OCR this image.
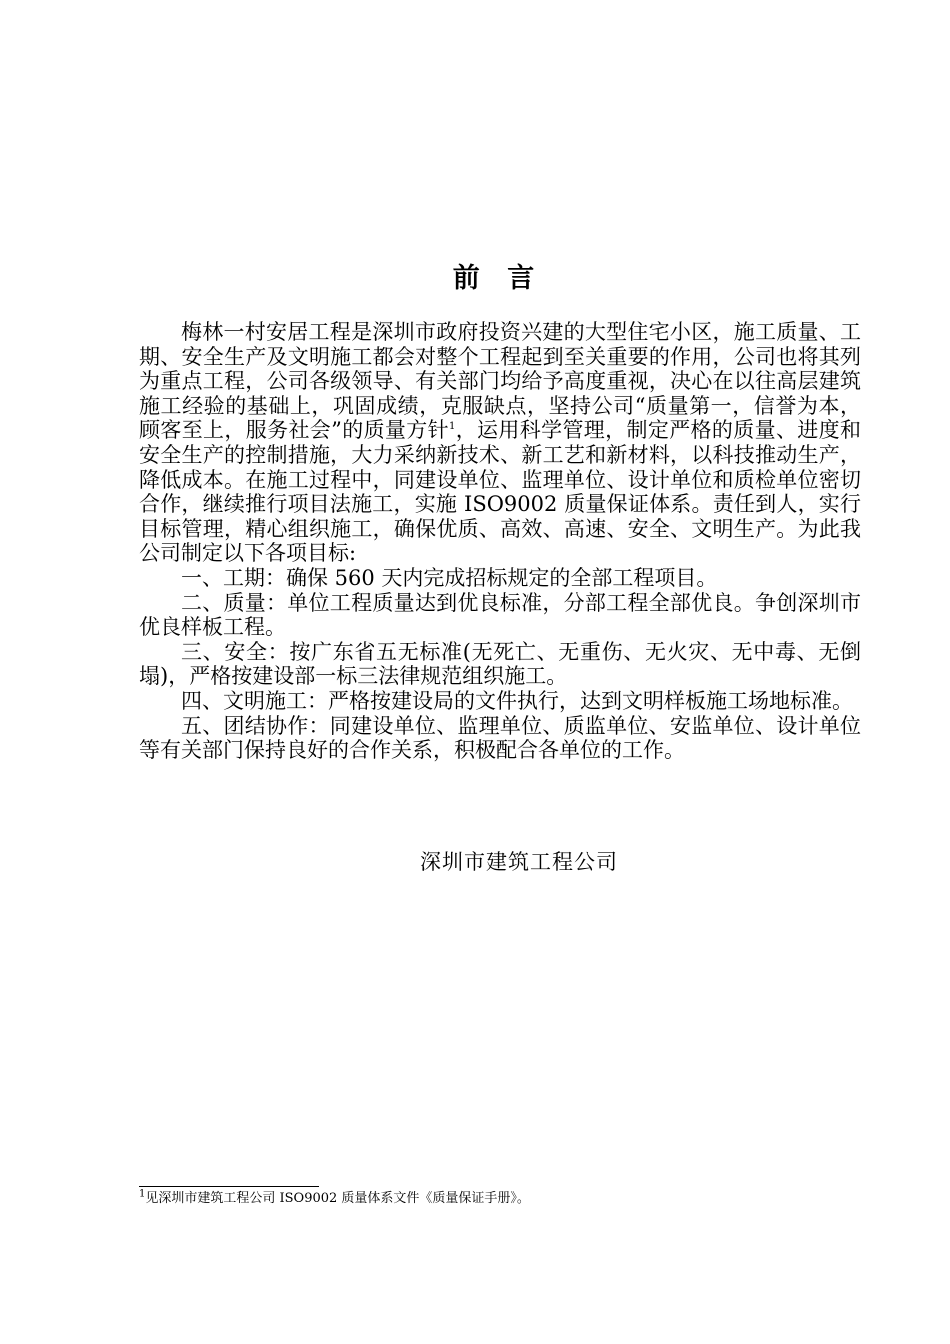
前 言

梅林一村安居工程是深圳市政府投资兴建的大型住宅小区，施工质量、工期、安全生产及文明施工都会对整个工程起到至关重要的作用，公司也将其列为重点工程，公司各级领导、有关部门均给予高度重视，决心在以往高层建筑施工经验的基础上，巩固成绩，克服缺点，坚持公司“质量第一，信誉为本，顾客至上，服务社会”的质量方针$^1$，运用科学管理，制定严格的质量、进度和安全生产的控制措施，大力采纳新技术、新工艺和新材料，以科技推动生产，降低成本。在施工过程中，同建设单位、监理单位、设计单位和质检单位密切合作，继续推行项目法施工，实施 ISO9002 质量保证体系。责任到人，实行目标管理，精心组织施工，确保优质、高效、高速、安全、文明生产。为此我公司制定以下各项目标:

一、工期：确保 560 天内完成招标规定的全部工程项目。

二、质量：单位工程质量达到优良标准，分部工程全部优良。争创深圳市优良样板工程。

三、安全：按广东省五无标准(无死亡、无重伤、无火灾、无中毒、无倒塌)，严格按建设部一标三法律规范组织施工。

四、文明施工：严格按建设局的文件执行，达到文明样板施工场地标准。

五、团结协作：同建设单位、监理单位、质监单位、安监单位、设计单位等有关部门保持良好的合作关系，积极配合各单位的工作。

深圳市建筑工程公司
$^1$见深圳市建筑工程公司 ISO9002 质量体系文件《质量保证手册》。
